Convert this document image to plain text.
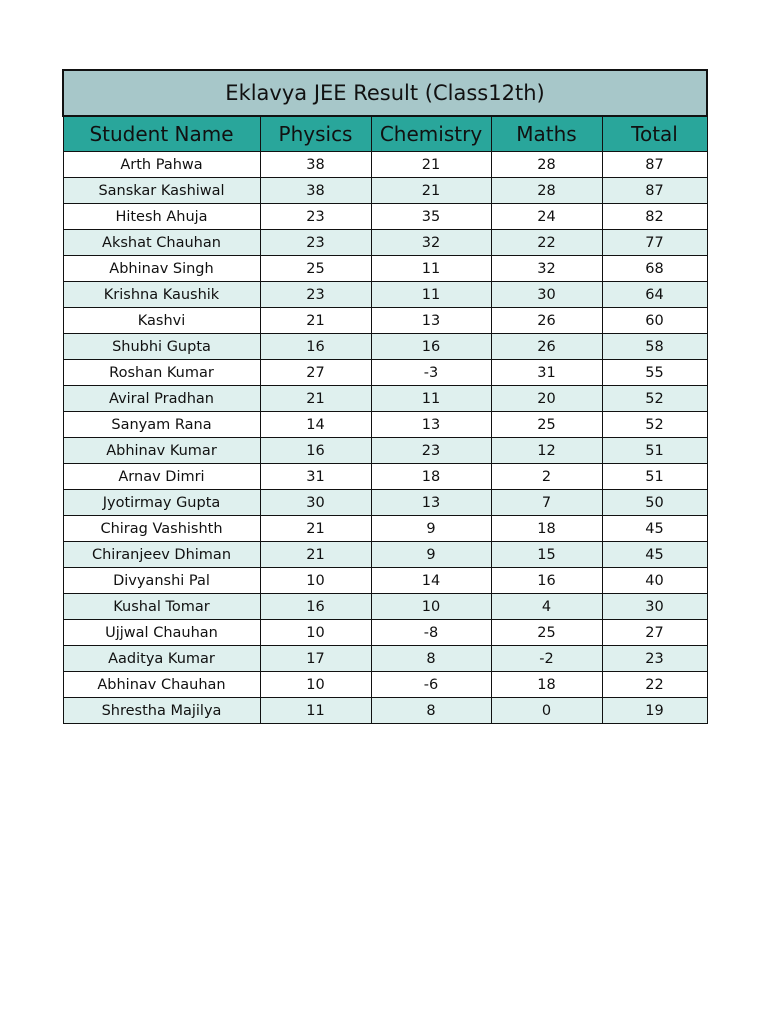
Eklavya JEE Result (Class12th)				
Student Name	Physics	Chemistry	Maths	Total
Arth Pahwa	38	21	28	87
Sanskar Kashiwal	38	21	28	87
Hitesh Ahuja	23	35	24	82
Akshat Chauhan	23	32	22	77
Abhinav Singh	25	11	32	68
Krishna Kaushik	23	11	30	64
Kashvi	21	13	26	60
Shubhi Gupta	16	16	26	58
Roshan Kumar	27	-3	31	55
Aviral Pradhan	21	11	20	52
Sanyam Rana	14	13	25	52
Abhinav Kumar	16	23	12	51
Arnav Dimri	31	18	2	51
Jyotirmay Gupta	30	13	7	50
Chirag Vashishth	21	9	18	45
Chiranjeev Dhiman	21	9	15	45
Divyanshi Pal	10	14	16	40
Kushal Tomar	16	10	4	30
Ujjwal Chauhan	10	-8	25	27
Aaditya Kumar	17	8	-2	23
Abhinav Chauhan	10	-6	18	22
Shrestha Majilya	11	8	0	19
